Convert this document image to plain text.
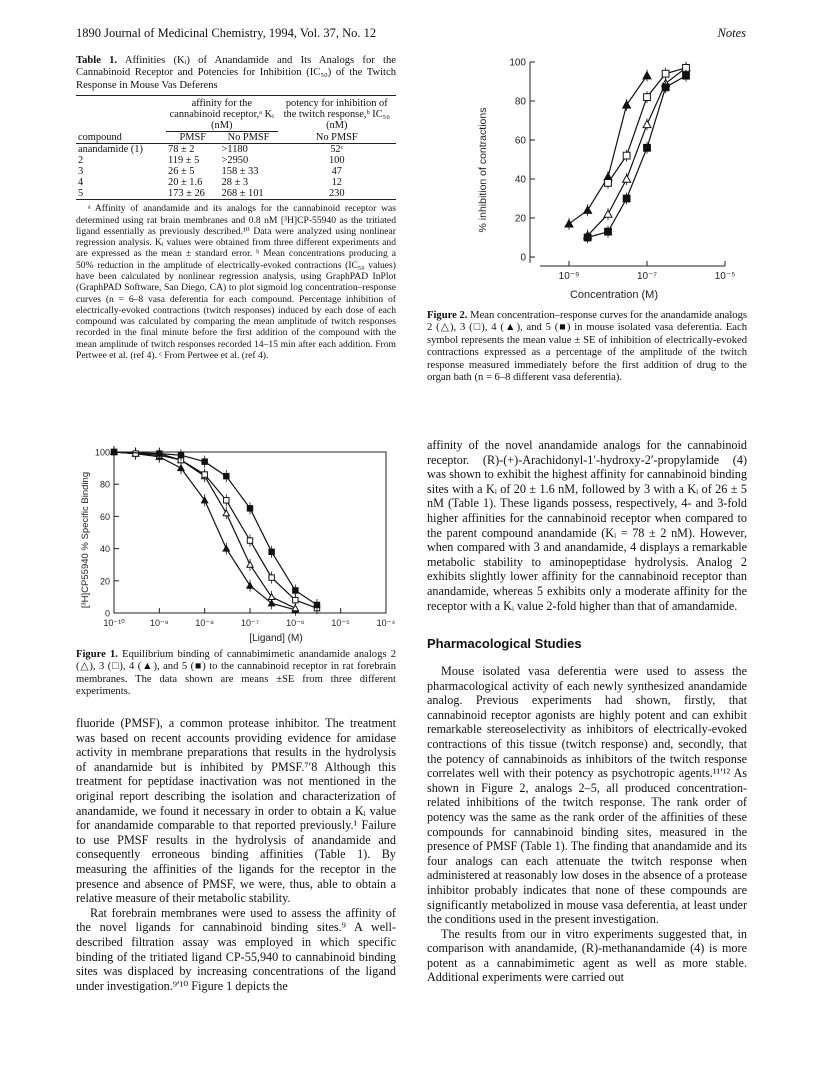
1890 Journal of Medicinal Chemistry, 1994, Vol. 37, No. 12	Notes
Table 1. Affinities (Kᵢ) of Anandamide and Its Analogs for the Cannabinoid Receptor and Potencies for Inhibition (IC₅₀) of the Twitch Response in Mouse Vas Deferens
	affinity for the cannabinoid receptor,ᵃ Kᵢ (nM)		potency for inhibition of the twitch response,ᵇ IC₅₀ (nM)
compound	PMSF	No PMSF	No PMSF
anandamide (1)	78 ± 2	>1180	52ᶜ
2	119 ± 5	>2950	100
3	26 ± 5	158 ± 33	47
4	20 ± 1.6	28 ± 3	12
5	173 ± 26	268 ± 101	230
ᵃ Affinity of anandamide and its analogs for the cannabinoid receptor was determined using rat brain membranes and 0.8 nM [³H]CP-55940 as the tritiated ligand essentially as previously described.¹⁰ Data were analyzed using nonlinear regression analysis. Kᵢ values were obtained from three different experiments and are expressed as the mean ± standard error. ᵇ Mean concentrations producing a 50% reduction in the amplitude of electrically-evoked contractions (IC₅₀ values) have been calculated by nonlinear regression analysis, using GraphPAD InPlot (GraphPAD Software, San Diego, CA) to plot sigmoid log concentration–response curves (n = 6–8 vasa deferentia for each compound. Percentage inhibition of electrically-evoked contractions (twitch responses) induced by each dose of each compound was calculated by comparing the mean amplitude of twitch responses recorded in the final minute before the first addition of the compound with the mean amplitude of twitch responses recorded 14–15 min after each addition. From Pertwee et al. (ref 4). ᶜ From Pertwee et al. (ref 4).
[³H]CP55940 % Specific Binding
[Ligand] (M)
0
20
40
60
80
100
10⁻¹⁰	10⁻⁹	10⁻⁸	10⁻⁷	10⁻⁶	10⁻⁵	10⁻⁴
Figure 1. Equilibrium binding of cannabimimetic anandamide analogs 2 (△), 3 (□), 4 (▲), and 5 (■) to the cannabinoid receptor in rat forebrain membranes. The data shown are means ±SE from three different experiments.

fluoride (PMSF), a common protease inhibitor. The treatment was based on recent accounts providing evidence for amidase activity in membrane preparations that results in the hydrolysis of anandamide but is inhibited by PMSF.⁷ʹ8 Although this treatment for peptidase inactivation was not mentioned in the original report describing the isolation and characterization of anandamide, we found it necessary in order to obtain a Kᵢ value for anandamide comparable to that reported previously.¹ Failure to use PMSF results in the hydrolysis of anandamide and consequently erroneous binding affinities (Table 1). By measuring the affinities of the ligands for the receptor in the presence and absence of PMSF, we were, thus, able to obtain a relative measure of their metabolic stability.

Rat forebrain membranes were used to assess the affinity of the novel ligands for cannabinoid binding sites.⁹ A well-described filtration assay was employed in which specific binding of the tritiated ligand CP-55,940 to cannabinoid binding sites was displaced by increasing concentrations of the ligand under investigation.⁹ʹ¹⁰ Figure 1 depicts the

% inhibition of contractions
Concentration (M)
0
20
40
60
80
100
10⁻⁹	10⁻⁷	10⁻⁵
Figure 2. Mean concentration–response curves for the anandamide analogs 2 (△), 3 (□), 4 (▲), and 5 (■) in mouse isolated vasa deferentia. Each symbol represents the mean value ± SE of inhibition of electrically-evoked contractions expressed as a percentage of the amplitude of the twitch response measured immediately before the first addition of drug to the organ bath (n = 6–8 different vasa deferentia).

affinity of the novel anandamide analogs for the cannabinoid receptor. (R)-(+)-Arachidonyl-1′-hydroxy-2′-propylamide (4) was shown to exhibit the highest affinity for cannabinoid binding sites with a Kᵢ of 20 ± 1.6 nM, followed by 3 with a Kᵢ of 26 ± 5 nM (Table 1). These ligands possess, respectively, 4- and 3-fold higher affinities for the cannabinoid receptor when compared to the parent compound anandamide (Kᵢ = 78 ± 2 nM). However, when compared with 3 and anandamide, 4 displays a remarkable metabolic stability to aminopeptidase hydrolysis. Analog 2 exhibits slightly lower affinity for the cannabinoid receptor than anandamide, whereas 5 exhibits only a moderate affinity for the receptor with a Kᵢ value 2-fold higher than that of amandamide.

Pharmacological Studies

Mouse isolated vasa deferentia were used to assess the pharmacological activity of each newly synthesized anandamide analog. Previous experiments had shown, firstly, that cannabinoid receptor agonists are highly potent and can exhibit remarkable stereoselectivity as inhibitors of electrically-evoked contractions of this tissue (twitch response) and, secondly, that the potency of cannabinoids as inhibitors of the twitch response correlates well with their potency as psychotropic agents.¹¹ʹ¹² As shown in Figure 2, analogs 2–5, all produced concentration-related inhibitions of the twitch response. The rank order of potency was the same as the rank order of the affinities of these compounds for cannabinoid binding sites, measured in the presence of PMSF (Table 1). The finding that anandamide and its four analogs can each attenuate the twitch response when administered at reasonably low doses in the absence of a protease inhibitor probably indicates that none of these compounds are significantly metabolized in mouse vasa deferentia, at least under the conditions used in the present investigation.

The results from our in vitro experiments suggested that, in comparison with anandamide, (R)-methanandamide (4) is more potent as a cannabimimetic agent as well as more stable. Additional experiments were carried out
